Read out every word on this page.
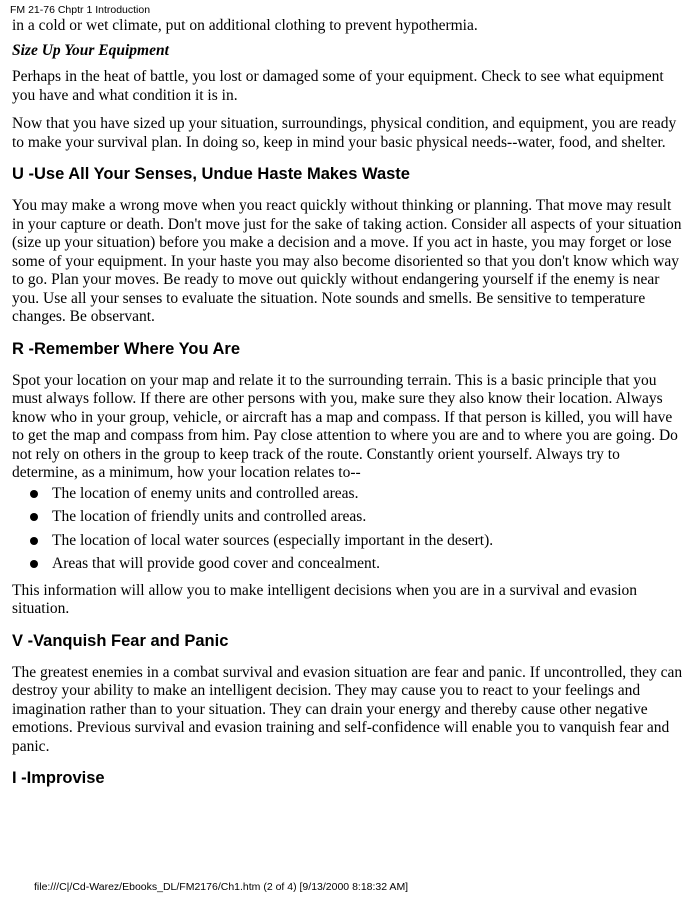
FM 21-76 Chptr 1 Introduction

in a cold or wet climate, put on additional clothing to prevent hypothermia.

Size Up Your Equipment

Perhaps in the heat of battle, you lost or damaged some of your equipment. Check to see what equipment you have and what condition it is in.

Now that you have sized up your situation, surroundings, physical condition, and equipment, you are ready to make your survival plan. In doing so, keep in mind your basic physical needs--water, food, and shelter.

U -Use All Your Senses, Undue Haste Makes Waste

You may make a wrong move when you react quickly without thinking or planning. That move may result in your capture or death. Don't move just for the sake of taking action. Consider all aspects of your situation (size up your situation) before you make a decision and a move. If you act in haste, you may forget or lose some of your equipment. In your haste you may also become disoriented so that you don't know which way to go. Plan your moves. Be ready to move out quickly without endangering yourself if the enemy is near you. Use all your senses to evaluate the situation. Note sounds and smells. Be sensitive to temperature changes. Be observant.

R -Remember Where You Are

Spot your location on your map and relate it to the surrounding terrain. This is a basic principle that you must always follow. If there are other persons with you, make sure they also know their location. Always know who in your group, vehicle, or aircraft has a map and compass. If that person is killed, you will have to get the map and compass from him. Pay close attention to where you are and to where you are going. Do not rely on others in the group to keep track of the route. Constantly orient yourself. Always try to determine, as a minimum, how your location relates to--

The location of enemy units and controlled areas.
The location of friendly units and controlled areas.
The location of local water sources (especially important in the desert).
Areas that will provide good cover and concealment.

This information will allow you to make intelligent decisions when you are in a survival and evasion situation.

V -Vanquish Fear and Panic

The greatest enemies in a combat survival and evasion situation are fear and panic. If uncontrolled, they can destroy your ability to make an intelligent decision. They may cause you to react to your feelings and imagination rather than to your situation. They can drain your energy and thereby cause other negative emotions. Previous survival and evasion training and self-confidence will enable you to vanquish fear and panic.

I -Improvise
file:///C|/Cd-Warez/Ebooks_DL/FM2176/Ch1.htm (2 of 4) [9/13/2000 8:18:32 AM]
